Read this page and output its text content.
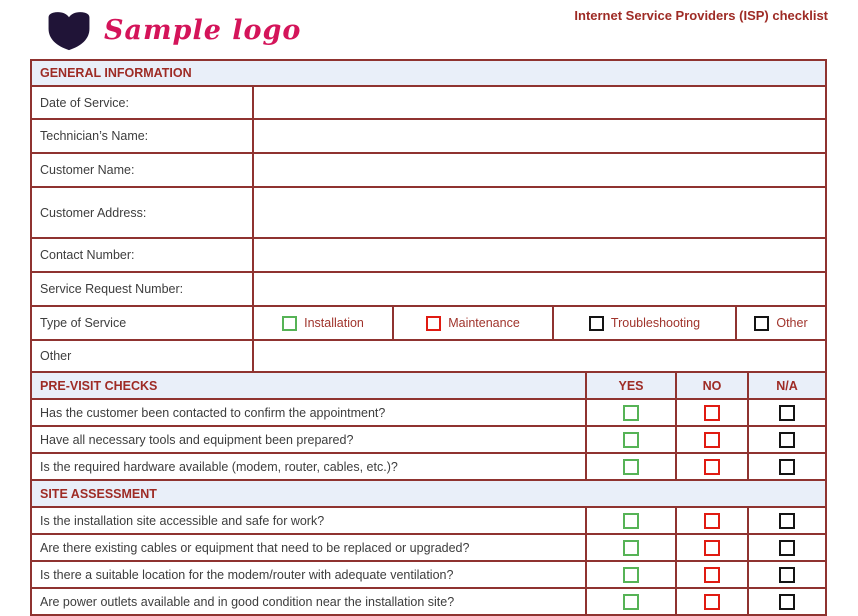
Sample logo	Internet Service Providers (ISP) checklist
GENERAL INFORMATION
Date of Service:
Technician’s Name:
Customer Name:
Customer Address:
Contact Number:
Service Request Number:
Type of Service	Installation	Maintenance	Troubleshooting	Other
Other
PRE-VISIT CHECKS	YES	NO	N/A
Has the customer been contacted to confirm the appointment?
Have all necessary tools and equipment been prepared?
Is the required hardware available (modem, router, cables, etc.)?
SITE ASSESSMENT
Is the installation site accessible and safe for work?
Are there existing cables or equipment that need to be replaced or upgraded?
Is there a suitable location for the modem/router with adequate ventilation?
Are power outlets available and in good condition near the installation site?
